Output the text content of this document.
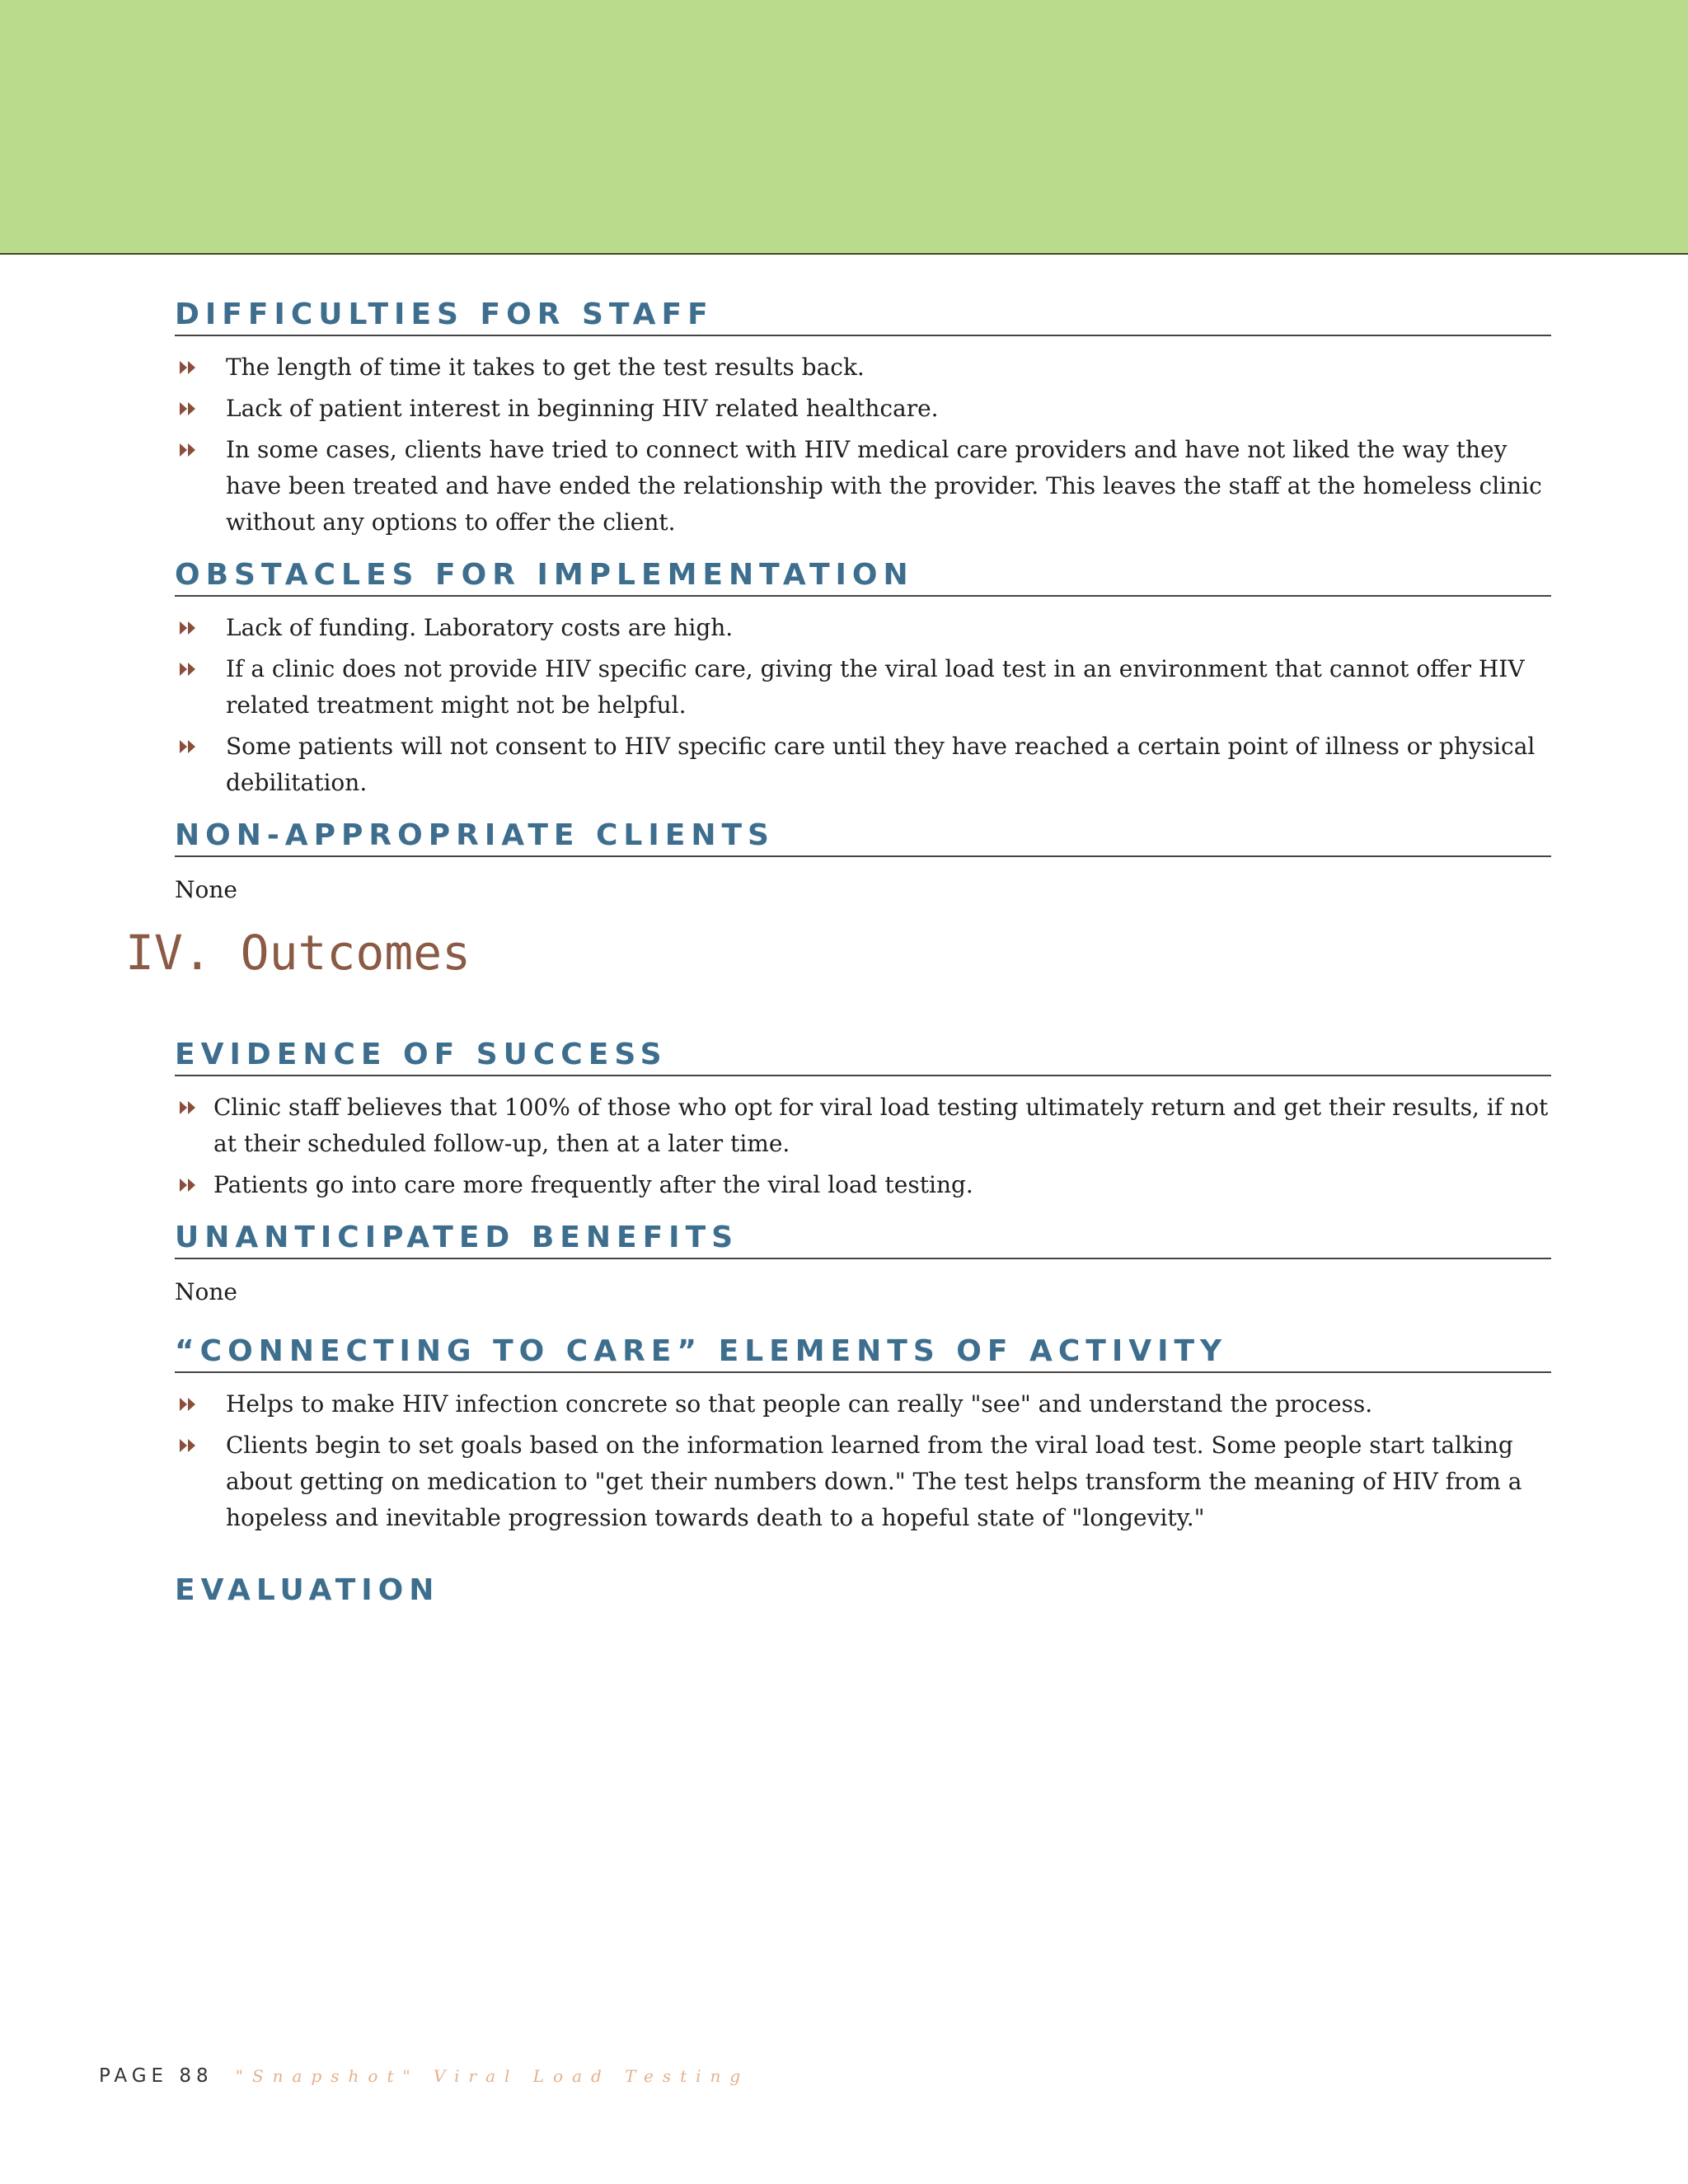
DIFFICULTIES FOR STAFF
The length of time it takes to get the test results back.
Lack of patient interest in beginning HIV related healthcare.
In some cases, clients have tried to connect with HIV medical care providers and have not liked the way they have been treated and have ended the relationship with the provider. This leaves the staff at the homeless clinic without any options to offer the client.
OBSTACLES FOR IMPLEMENTATION
Lack of funding. Laboratory costs are high.
If a clinic does not provide HIV specific care, giving the viral load test in an environment that cannot offer HIV related treatment might not be helpful.
Some patients will not consent to HIV specific care until they have reached a certain point of illness or physical debilitation.
NON-APPROPRIATE CLIENTS

None

EVIDENCE OF SUCCESS
Clinic staff believes that 100% of those who opt for viral load testing ultimately return and get their results, if not at their scheduled follow-up, then at a later time.
Patients go into care more frequently after the viral load testing.
UNANTICIPATED BENEFITS

None

“CONNECTING TO CARE” ELEMENTS OF ACTIVITY
Helps to make HIV infection concrete so that people can really "see" and understand the process.
Clients begin to set goals based on the information learned from the viral load test. Some people start talking about getting on medication to "get their numbers down." The test helps transform the meaning of HIV from a hopeless and inevitable progression towards death to a hopeful state of "longevity."
EVALUATION
IV. Outcomes
PAGE 88 "Snapshot" Viral Load Testing
